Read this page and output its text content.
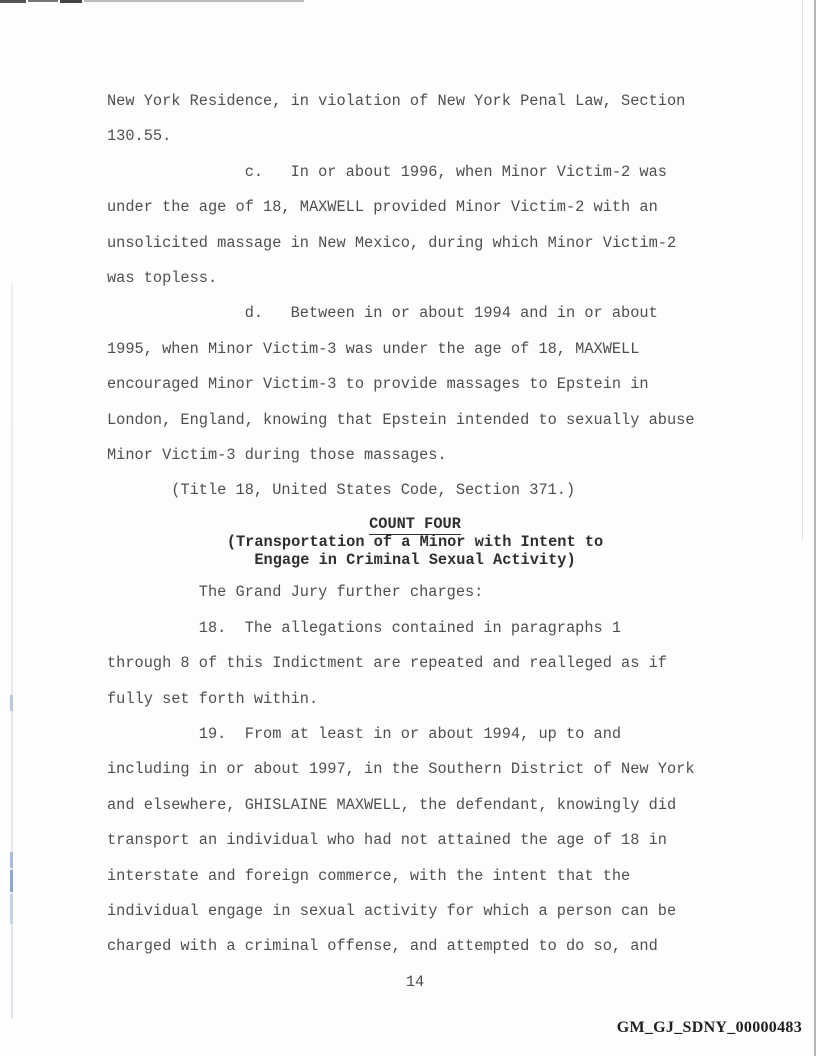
New York Residence, in violation of New York Penal Law, Section
130.55.
c.   In or about 1996, when Minor Victim-2 was
under the age of 18, MAXWELL provided Minor Victim-2 with an
unsolicited massage in New Mexico, during which Minor Victim-2
was topless.
d.   Between in or about 1994 and in or about
1995, when Minor Victim-3 was under the age of 18, MAXWELL
encouraged Minor Victim-3 to provide massages to Epstein in
London, England, knowing that Epstein intended to sexually abuse
Minor Victim-3 during those massages.
(Title 18, United States Code, Section 371.)
COUNT FOUR
(Transportation of a Minor with Intent to
Engage in Criminal Sexual Activity)
The Grand Jury further charges:
18.  The allegations contained in paragraphs 1
through 8 of this Indictment are repeated and realleged as if
fully set forth within.
19.  From at least in or about 1994, up to and
including in or about 1997, in the Southern District of New York
and elsewhere, GHISLAINE MAXWELL, the defendant, knowingly did
transport an individual who had not attained the age of 18 in
interstate and foreign commerce, with the intent that the
individual engage in sexual activity for which a person can be
charged with a criminal offense, and attempted to do so, and
14
GM_GJ_SDNY_00000483
